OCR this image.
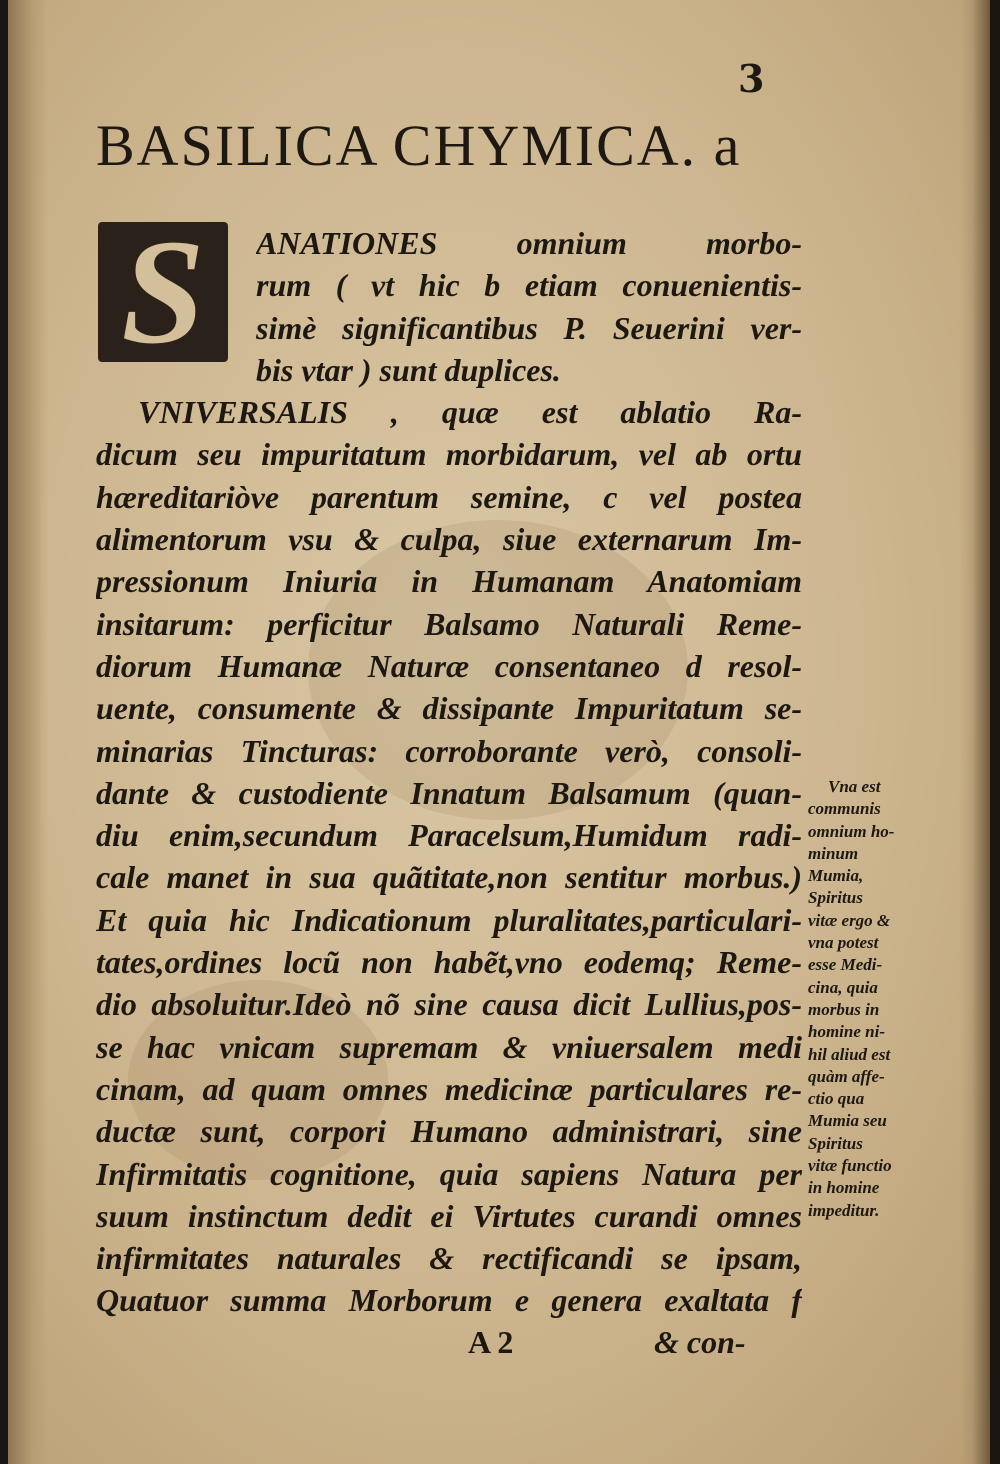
3
BASILICA CHYMICA. a
S	ANATIONES omnium morbo-
rum ( vt hic b etiam conuenientis-
simè significantibus P. Seuerini ver-
bis vtar ) sunt duplices.
VNIVERSALIS , quæ est ablatio Ra-
dicum seu impuritatum morbidarum, vel ab ortu
hæreditariòve parentum semine, c vel postea
alimentorum vsu & culpa, siue externarum Im-
pressionum Iniuria in Humanam Anatomiam
insitarum: perficitur Balsamo Naturali Reme-
diorum Humanæ Naturæ consentaneo d resol-
uente, consumente & dissipante Impuritatum se-
minarias Tincturas: corroborante verò, consoli-
dante & custodiente Innatum Balsamum (quan-
diu enim,secundum Paracelsum,Humidum radi-
cale manet in sua quãtitate,non sentitur morbus.)
Et quia hic Indicationum pluralitates,particulari-
tates,ordines locũ non habẽt,vno eodemq; Reme-
dio absoluitur.Ideò nõ sine causa dicit Lullius,pos-
se hac vnicam supremam & vniuersalem medi
cinam, ad quam omnes medicinæ particulares re-
ductæ sunt, corpori Humano administrari, sine
Infirmitatis cognitione, quia sapiens Natura per
suum instinctum dedit ei Virtutes curandi omnes
infirmitates naturales & rectificandi se ipsam,
Quatuor summa Morborum e genera exaltata f
A 2	& con-
Vna est
communis
omnium ho-
minum
Mumia,
Spiritus
vitæ ergo &
vna potest
esse Medi-
cina, quia
morbus in
homine ni-
hil aliud est
quàm affe-
ctio qua
Mumia seu
Spiritus
vitæ functio
in homine
impeditur.
